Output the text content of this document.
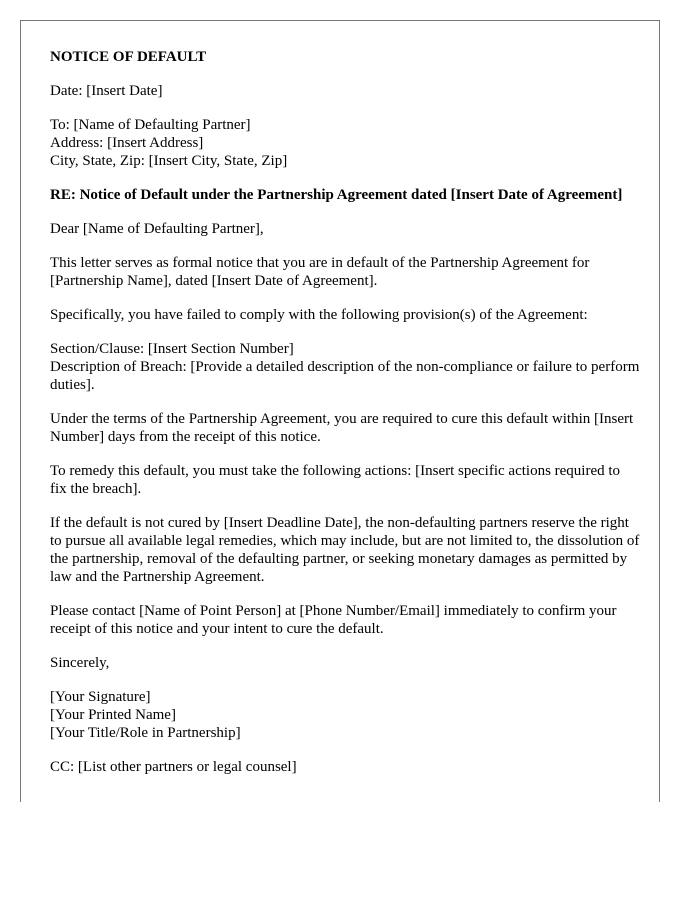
NOTICE OF DEFAULT

Date: [Insert Date]

To: [Name of Defaulting Partner]
Address: [Insert Address]
City, State, Zip: [Insert City, State, Zip]

RE: Notice of Default under the Partnership Agreement dated [Insert Date of Agreement]

Dear [Name of Defaulting Partner],

This letter serves as formal notice that you are in default of the Partnership Agreement for [Partnership Name], dated [Insert Date of Agreement].

Specifically, you have failed to comply with the following provision(s) of the Agreement:

Section/Clause: [Insert Section Number]
Description of Breach: [Provide a detailed description of the non-compliance or failure to perform duties].

Under the terms of the Partnership Agreement, you are required to cure this default within [Insert Number] days from the receipt of this notice.

To remedy this default, you must take the following actions: [Insert specific actions required to fix the breach].

If the default is not cured by [Insert Deadline Date], the non-defaulting partners reserve the right to pursue all available legal remedies, which may include, but are not limited to, the dissolution of the partnership, removal of the defaulting partner, or seeking monetary damages as permitted by law and the Partnership Agreement.

Please contact [Name of Point Person] at [Phone Number/Email] immediately to confirm your receipt of this notice and your intent to cure the default.

Sincerely,

[Your Signature]
[Your Printed Name]
[Your Title/Role in Partnership]

CC: [List other partners or legal counsel]
